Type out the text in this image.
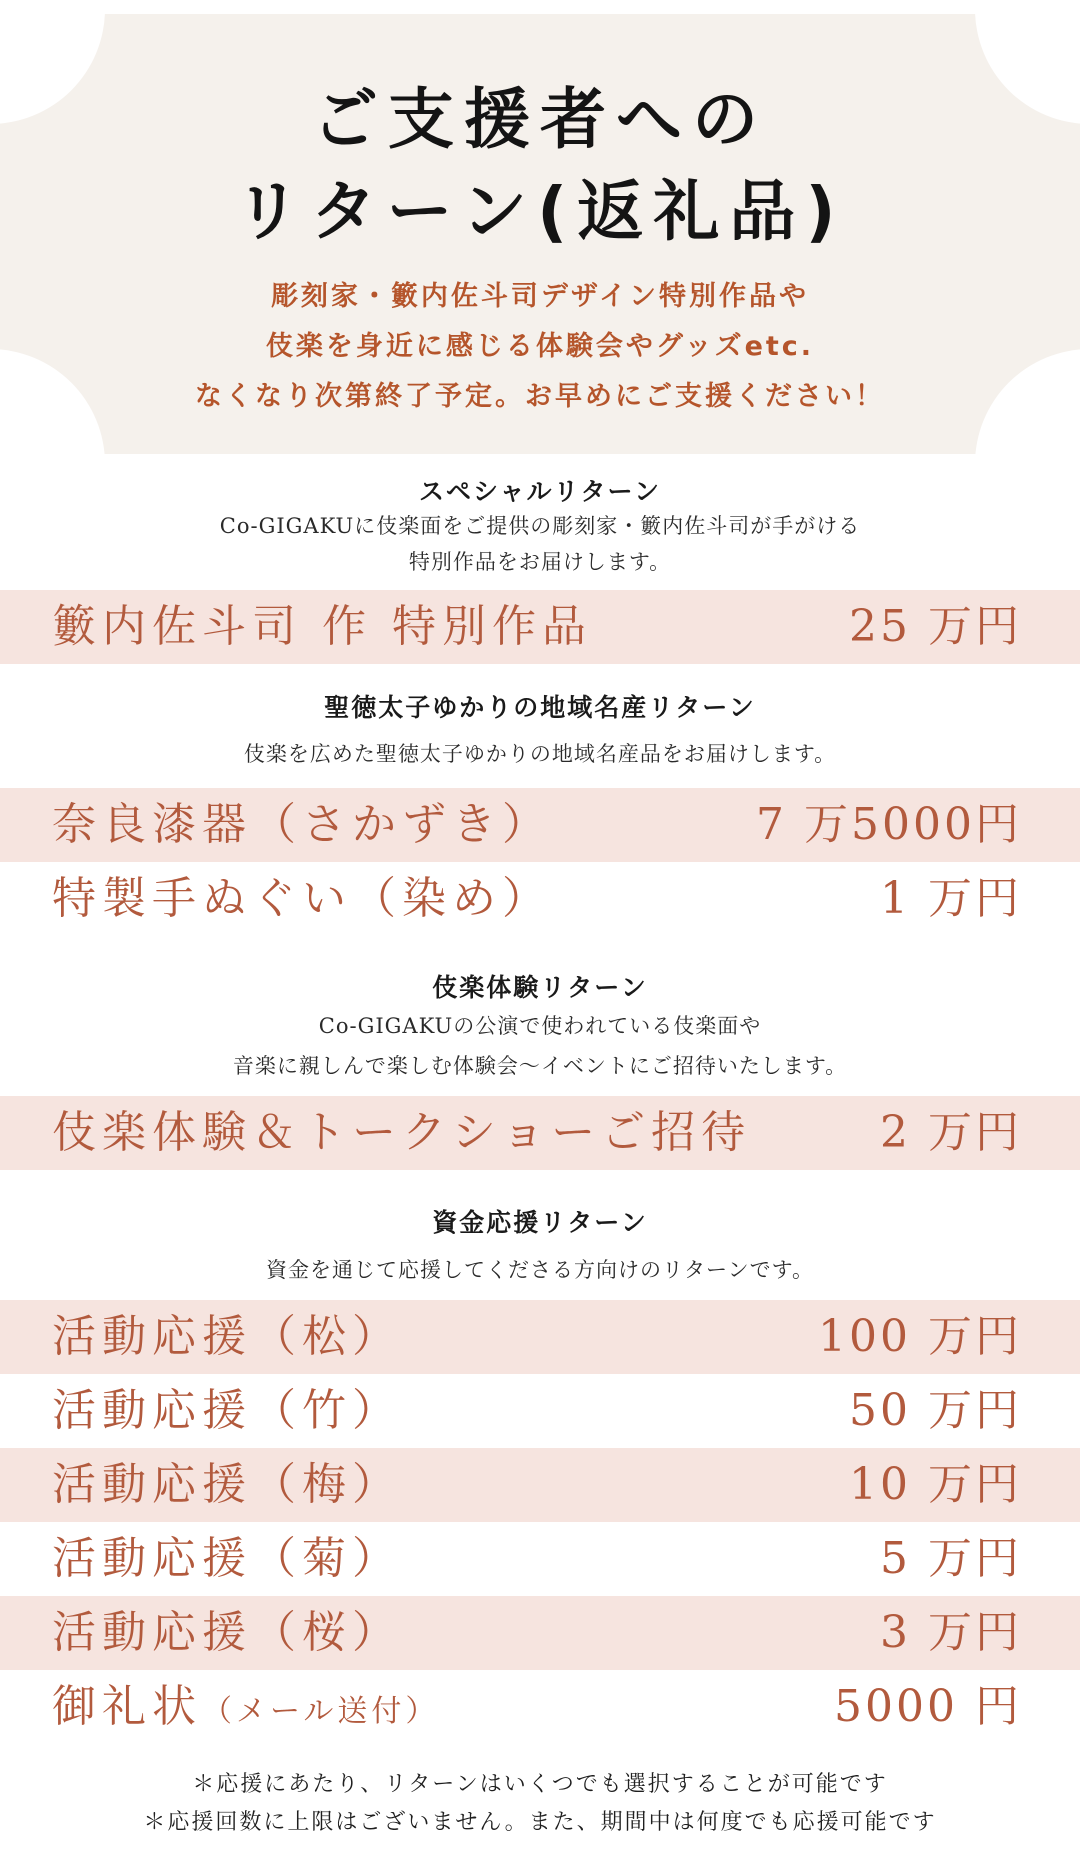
ご支援者への
リターン(返礼品)
彫刻家・籔内佐斗司デザイン特別作品や
伎楽を身近に感じる体験会やグッズetc.
なくなり次第終了予定。お早めにご支援ください！
スペシャルリターン
Co-GIGAKUに伎楽面をご提供の彫刻家・籔内佐斗司が手がける
特別作品をお届けします。
籔内佐斗司 作 特別作品	25 万円
聖徳太子ゆかりの地域名産リターン
伎楽を広めた聖徳太子ゆかりの地域名産品をお届けします。
奈良漆器（さかずき）	7 万5000円
特製手ぬぐい（染め）	1 万円
伎楽体験リターン
Co-GIGAKUの公演で使われている伎楽面や
音楽に親しんで楽しむ体験会〜イベントにご招待いたします。
伎楽体験＆トークショーご招待	2 万円
資金応援リターン
資金を通じて応援してくださる方向けのリターンです。
活動応援（松）	100 万円
活動応援（竹）	50 万円
活動応援（梅）	10 万円
活動応援（菊）	5 万円
活動応援（桜）	3 万円
御礼状（メール送付）	5000 円
＊応援にあたり、リターンはいくつでも選択することが可能です
＊応援回数に上限はございません。また、期間中は何度でも応援可能です
